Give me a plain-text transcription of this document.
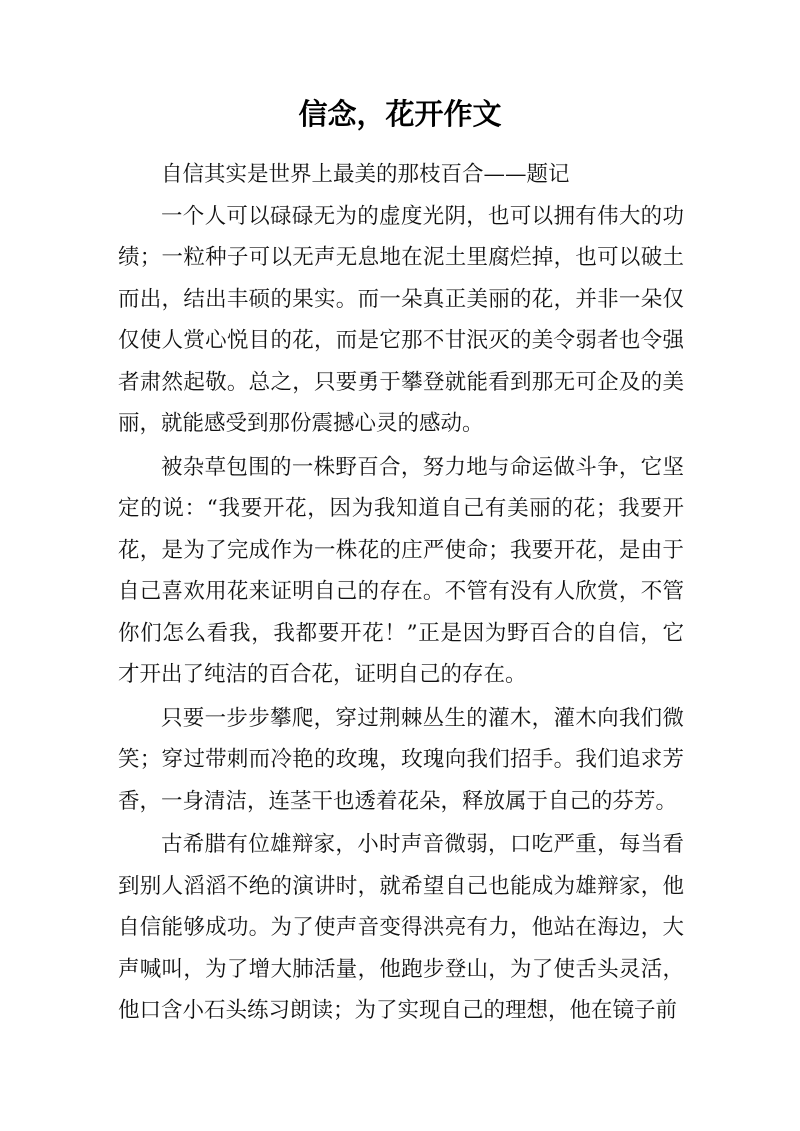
信念，花开作文

自信其实是世界上最美的那枝百合——题记

一个人可以碌碌无为的虚度光阴，也可以拥有伟大的功绩；一粒种子可以无声无息地在泥土里腐烂掉，也可以破土而出，结出丰硕的果实。而一朵真正美丽的花，并非一朵仅仅使人赏心悦目的花，而是它那不甘泯灭的美令弱者也令强者肃然起敬。总之，只要勇于攀登就能看到那无可企及的美丽，就能感受到那份震撼心灵的感动。

被杂草包围的一株野百合，努力地与命运做斗争，它坚定的说：“我要开花，因为我知道自己有美丽的花；我要开花，是为了完成作为一株花的庄严使命；我要开花，是由于自己喜欢用花来证明自己的存在。不管有没有人欣赏，不管你们怎么看我，我都要开花！”正是因为野百合的自信，它才开出了纯洁的百合花，证明自己的存在。

只要一步步攀爬，穿过荆棘丛生的灌木，灌木向我们微笑；穿过带刺而冷艳的玫瑰，玫瑰向我们招手。我们追求芳香，一身清洁，连茎干也透着花朵，释放属于自己的芬芳。

古希腊有位雄辩家，小时声音微弱，口吃严重，每当看到别人滔滔不绝的演讲时，就希望自己也能成为雄辩家，他自信能够成功。为了使声音变得洪亮有力，他站在海边，大声喊叫，为了增大肺活量，他跑步登山，为了使舌头灵活，他口含小石头练习朗读；为了实现自己的理想，他在镜子前
